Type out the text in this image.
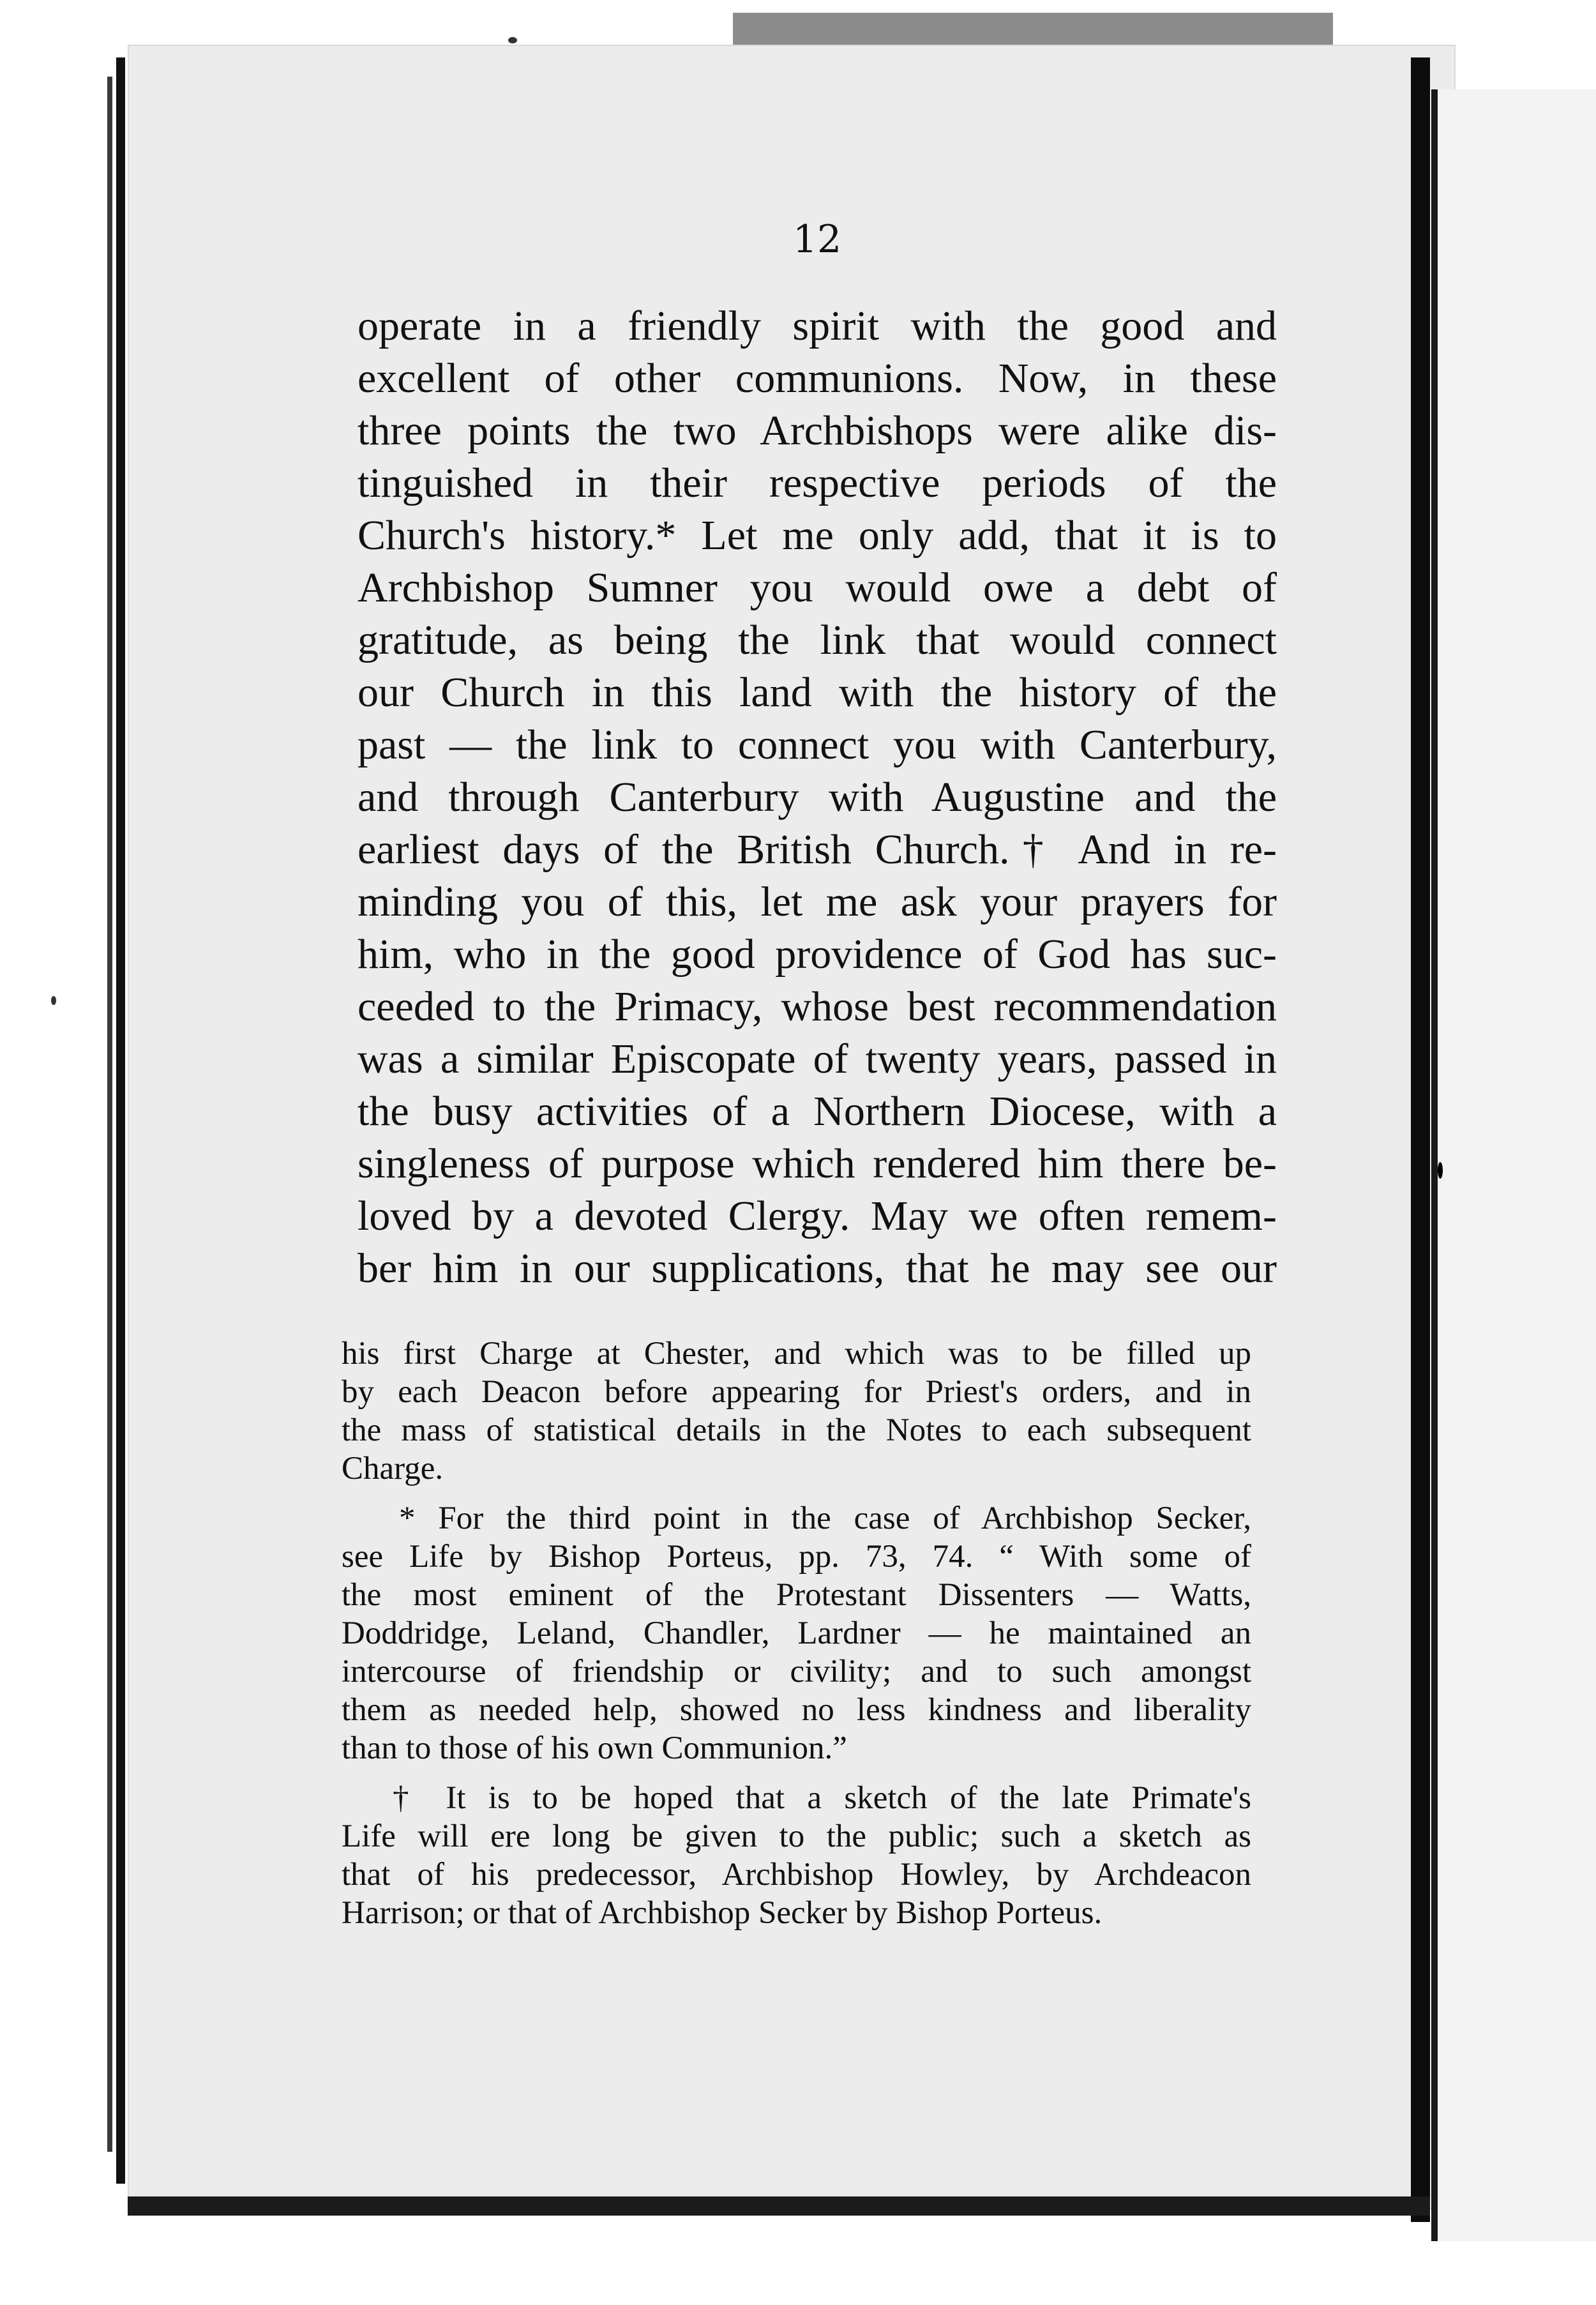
12
operate in a friendly spirit with the good and
excellent of other communions. Now, in these
three points the two Archbishops were alike dis-
tinguished in their respective periods of the
Church's history.* Let me only add, that it is to
Archbishop Sumner you would owe a debt of
gratitude, as being the link that would connect
our Church in this land with the history of the
past — the link to connect you with Canterbury,
and through Canterbury with Augustine and the
earliest days of the British Church.† And in re-
minding you of this, let me ask your prayers for
him, who in the good providence of God has suc-
ceeded to the Primacy, whose best recommendation
was a similar Episcopate of twenty years, passed in
the busy activities of a Northern Diocese, with a
singleness of purpose which rendered him there be-
loved by a devoted Clergy. May we often remem-
ber him in our supplications, that he may see our
his first Charge at Chester, and which was to be filled up
by each Deacon before appearing for Priest's orders, and in
the mass of statistical details in the Notes to each subsequent
Charge.
* For the third point in the case of Archbishop Secker,
see Life by Bishop Porteus, pp. 73, 74. “ With some of
the most eminent of the Protestant Dissenters — Watts,
Doddridge, Leland, Chandler, Lardner — he maintained an
intercourse of friendship or civility; and to such amongst
them as needed help, showed no less kindness and liberality
than to those of his own Communion.”
† It is to be hoped that a sketch of the late Primate's
Life will ere long be given to the public; such a sketch as
that of his predecessor, Archbishop Howley, by Archdeacon
Harrison; or that of Archbishop Secker by Bishop Porteus.
